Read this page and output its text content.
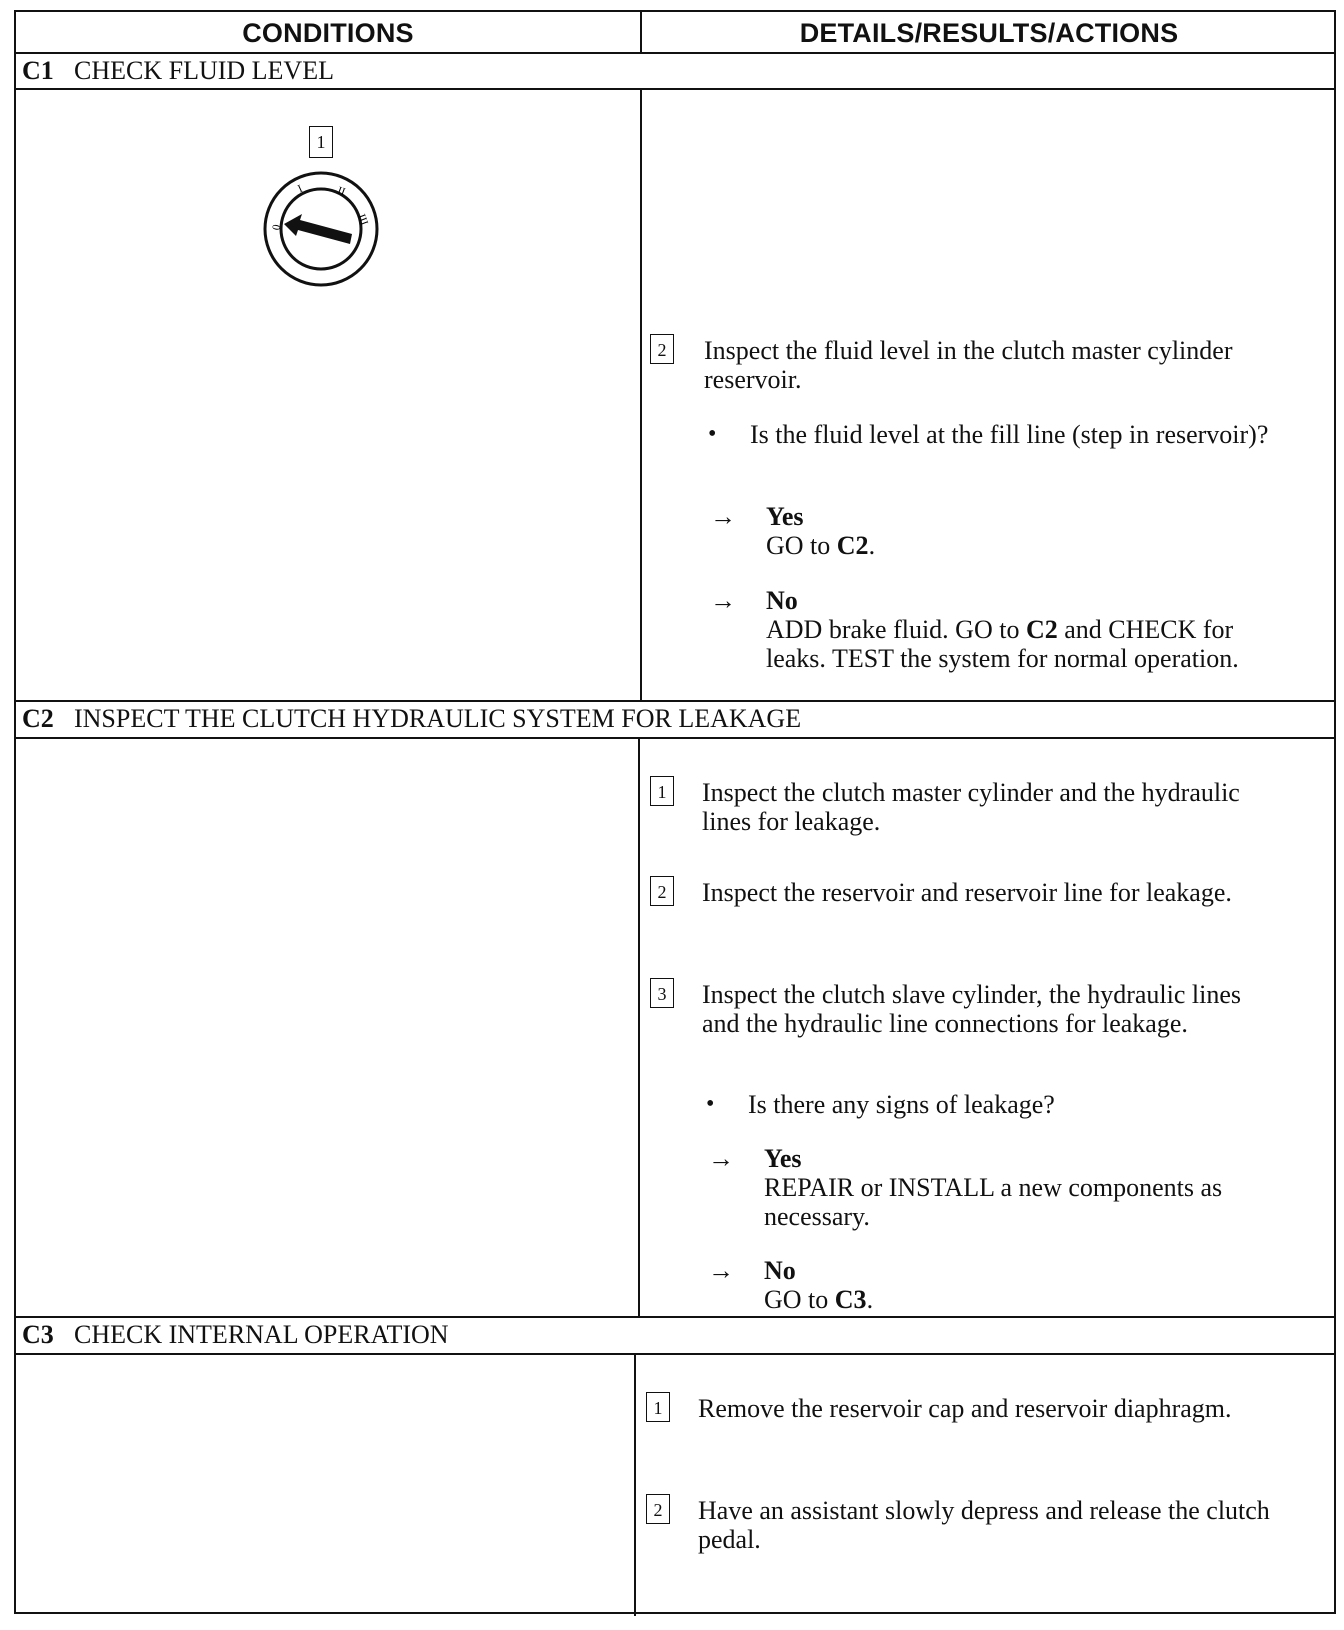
CONDITIONS	DETAILS/RESULTS/ACTIONS
C1 CHECK FLUID LEVEL
1
0
I	II
III
2 Inspect the fluid level in the clutch master cylinder reservoir.
• Is the fluid level at the fill line (step in reservoir)?
→ Yes
GO to C2.
→ No
ADD brake fluid. GO to C2 and CHECK for leaks. TEST the system for normal operation.
C2 INSPECT THE CLUTCH HYDRAULIC SYSTEM FOR LEAKAGE
1 Inspect the clutch master cylinder and the hydraulic lines for leakage.
2 Inspect the reservoir and reservoir line for leakage.
3 Inspect the clutch slave cylinder, the hydraulic lines and the hydraulic line connections for leakage.
• Is there any signs of leakage?
→ Yes
REPAIR or INSTALL a new components as necessary.
→ No
GO to C3.
C3 CHECK INTERNAL OPERATION
1 Remove the reservoir cap and reservoir diaphragm.
2 Have an assistant slowly depress and release the clutch pedal.
